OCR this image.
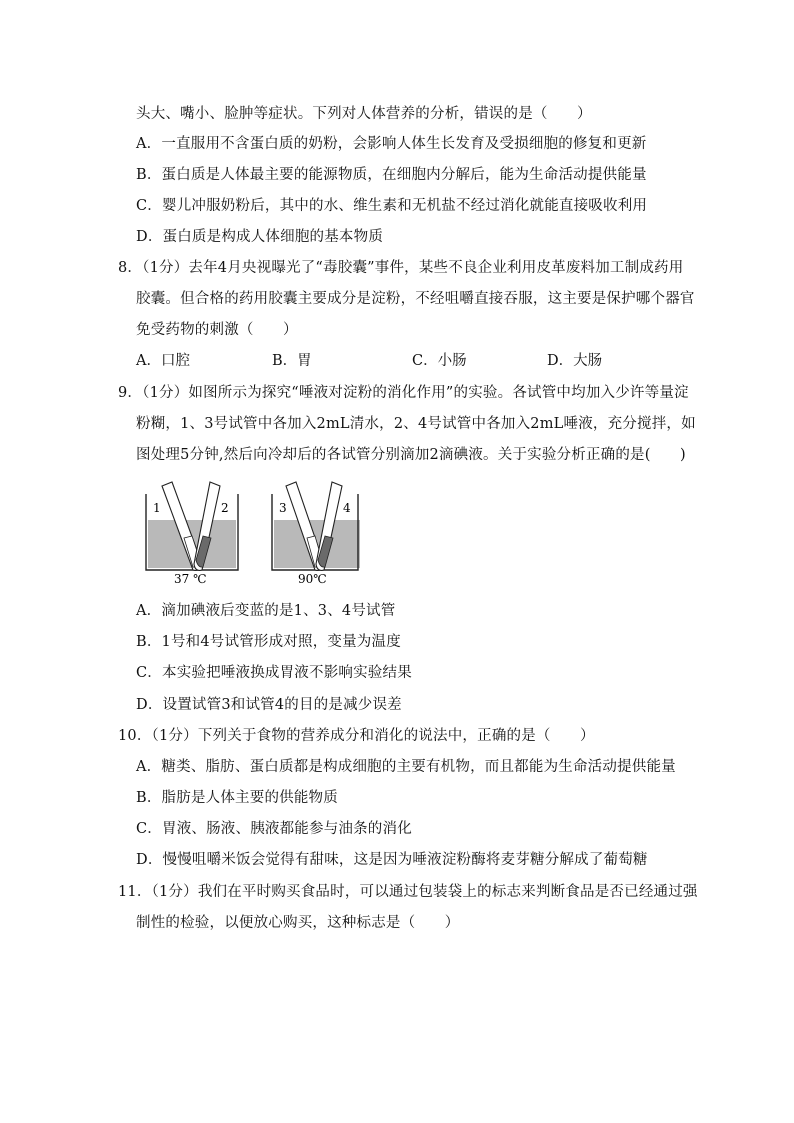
头大、嘴小、脸肿等症状。下列对人体营养的分析，错误的是（　　）
A．一直服用不含蛋白质的奶粉，会影响人体生长发育及受损细胞的修复和更新
B．蛋白质是人体最主要的能源物质，在细胞内分解后，能为生命活动提供能量
C．婴儿冲服奶粉后，其中的水、维生素和无机盐不经过消化就能直接吸收利用
D．蛋白质是构成人体细胞的基本物质
8．（1分）去年4月央视曝光了“毒胶囊”事件，某些不良企业利用皮革废料加工制成药用
胶囊。但合格的药用胶囊主要成分是淀粉，不经咀嚼直接吞服，这主要是保护哪个器官
免受药物的刺激（　　）
A．口腔	B．胃	C．小肠	D．大肠
9．（1分）如图所示为探究“唾液对淀粉的消化作用”的实验。各试管中均加入少许等量淀
粉糊，1、3号试管中各加入2mL清水，2、4号试管中各加入2mL唾液，充分搅拌，如
图处理5分钟,然后向冷却后的各试管分别滴加2滴碘液。关于实验分析正确的是(　　)
1	2
37 ℃
3	4
90℃
A．滴加碘液后变蓝的是1、3、4号试管
B．1号和4号试管形成对照，变量为温度
C．本实验把唾液换成胃液不影响实验结果
D．设置试管3和试管4的目的是减少误差
10．（1分）下列关于食物的营养成分和消化的说法中，正确的是（　　）
A．糖类、脂肪、蛋白质都是构成细胞的主要有机物，而且都能为生命活动提供能量
B．脂肪是人体主要的供能物质
C．胃液、肠液、胰液都能参与油条的消化
D．慢慢咀嚼米饭会觉得有甜味，这是因为唾液淀粉酶将麦芽糖分解成了葡萄糖
11．（1分）我们在平时购买食品时，可以通过包装袋上的标志来判断食品是否已经通过强
制性的检验，以便放心购买，这种标志是（　　）
